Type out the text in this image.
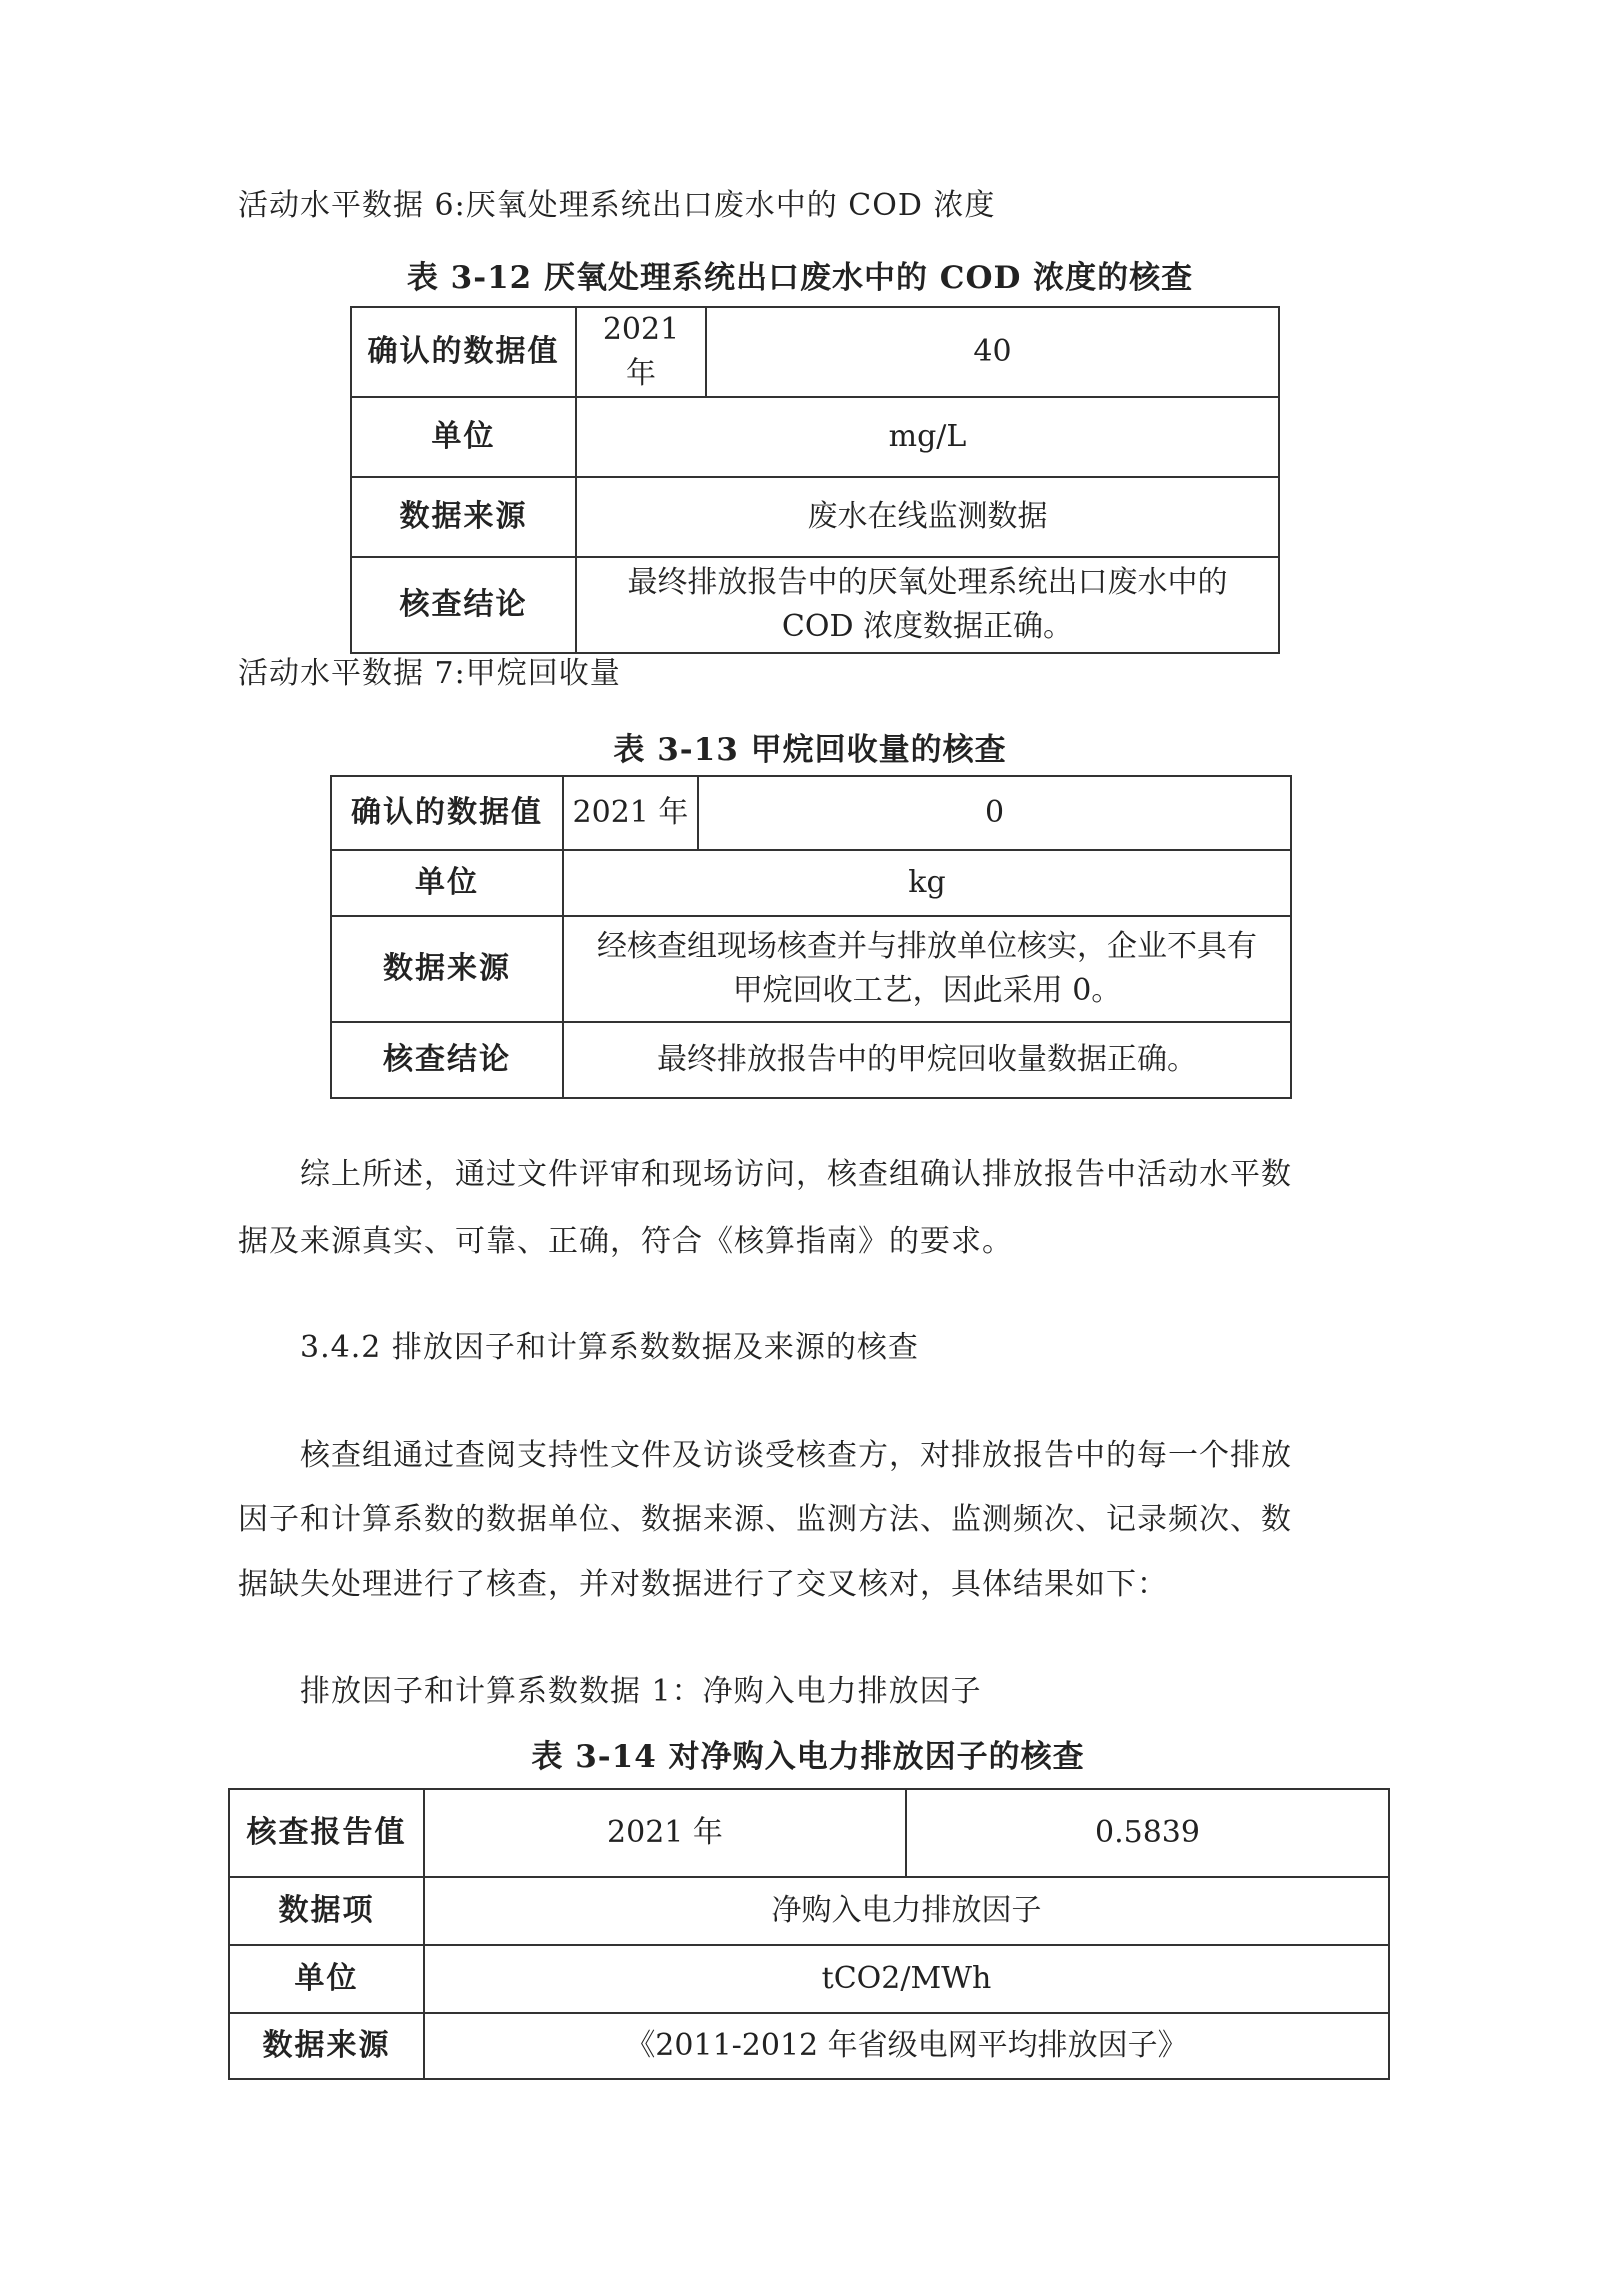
活动水平数据 6:厌氧处理系统出口废水中的 COD 浓度
表 3-12 厌氧处理系统出口废水中的 COD 浓度的核查
确认的数据值	2021 年	40
单位	mg/L	
数据来源	废水在线监测数据	
核查结论	最终排放报告中的厌氧处理系统出口废水中的
COD 浓度数据正确。	
活动水平数据 7:甲烷回收量
表 3-13 甲烷回收量的核查
确认的数据值	2021 年	0
单位	kg	
数据来源	经核查组现场核查并与排放单位核实，企业不具有
甲烷回收工艺，因此采用 0。	

核查结论	最终排放报告中的甲烷回收量数据正确。	
综上所述，通过文件评审和现场访问，核查组确认排放报告中活动水平数
据及来源真实、可靠、正确，符合《核算指南》的要求。
3.4.2 排放因子和计算系数数据及来源的核查
核查组通过查阅支持性文件及访谈受核查方，对排放报告中的每一个排放
因子和计算系数的数据单位、数据来源、监测方法、监测频次、记录频次、数
据缺失处理进行了核查，并对数据进行了交叉核对，具体结果如下：
排放因子和计算系数数据 1：净购入电力排放因子
表 3-14 对净购入电力排放因子的核查
核查报告值	2021 年	0.5839
数据项	净购入电力排放因子	
单位	tCO2/MWh	
数据来源	《2011-2012 年省级电网平均排放因子》	
